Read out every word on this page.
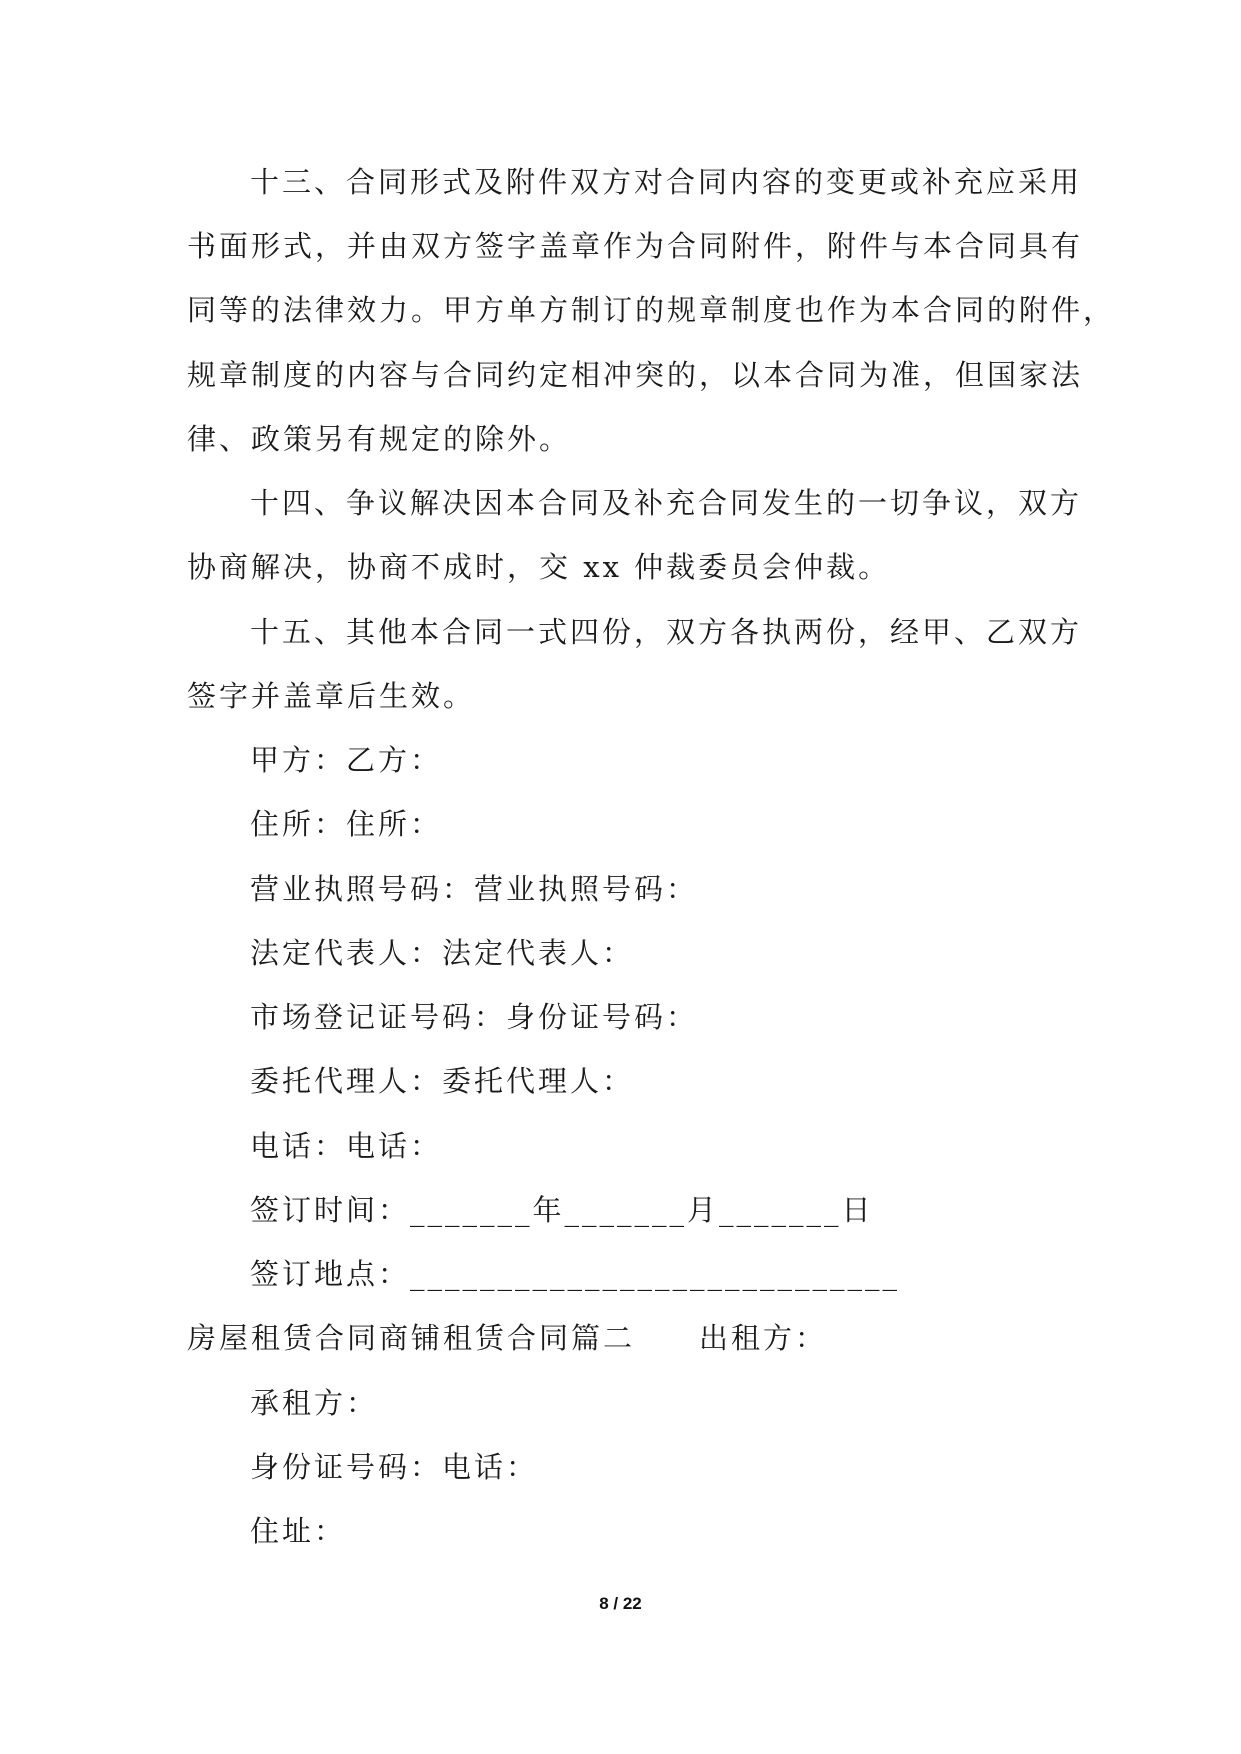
十三、合同形式及附件双方对合同内容的变更或补充应采用
书面形式，并由双方签字盖章作为合同附件，附件与本合同具有
同等的法律效力。甲方单方制订的规章制度也作为本合同的附件，
规章制度的内容与合同约定相冲突的，以本合同为准，但国家法
律、政策另有规定的除外。
十四、争议解决因本合同及补充合同发生的一切争议，双方
协商解决，协商不成时，交 xx 仲裁委员会仲裁。
十五、其他本合同一式四份，双方各执两份，经甲、乙双方
签字并盖章后生效。
甲方：乙方：
住所：住所：
营业执照号码：营业执照号码：
法定代表人：法定代表人：
市场登记证号码：身份证号码：
委托代理人：委托代理人：
电话：电话：
签订时间：_______年_______月_______日
签订地点：____________________________
房屋租赁合同商铺租赁合同篇二　　出租方：
承租方：
身份证号码：电话：
住址：
8 / 22
